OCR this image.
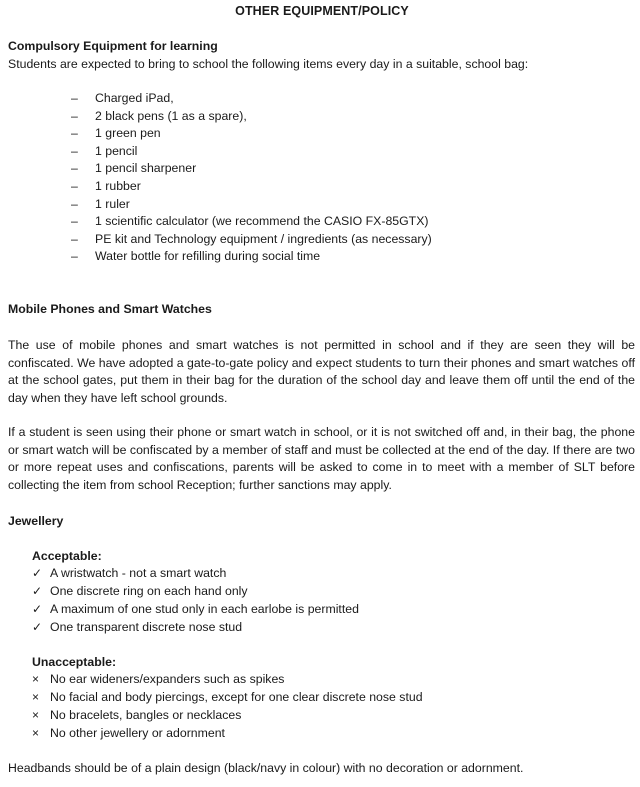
OTHER EQUIPMENT/POLICY
Compulsory Equipment for learning
Students are expected to bring to school the following items every day in a suitable, school bag:
– Charged iPad,
– 2 black pens (1 as a spare),
– 1 green pen
– 1 pencil
– 1 pencil sharpener
– 1 rubber
– 1 ruler
– 1 scientific calculator (we recommend the CASIO FX-85GTX)
– PE kit and Technology equipment / ingredients (as necessary)
– Water bottle for refilling during social time
Mobile Phones and Smart Watches
The use of mobile phones and smart watches is not permitted in school and if they are seen they will be confiscated. We have adopted a gate-to-gate policy and expect students to turn their phones and smart watches off at the school gates, put them in their bag for the duration of the school day and leave them off until the end of the day when they have left school grounds.
If a student is seen using their phone or smart watch in school, or it is not switched off and, in their bag, the phone or smart watch will be confiscated by a member of staff and must be collected at the end of the day. If there are two or more repeat uses and confiscations, parents will be asked to come in to meet with a member of SLT before collecting the item from school Reception; further sanctions may apply.
Jewellery
Acceptable:
✓ A wristwatch - not a smart watch
✓ One discrete ring on each hand only
✓ A maximum of one stud only in each earlobe is permitted
✓ One transparent discrete nose stud
Unacceptable:
× No ear wideners/expanders such as spikes
× No facial and body piercings, except for one clear discrete nose stud
× No bracelets, bangles or necklaces
× No other jewellery or adornment
Headbands should be of a plain design (black/navy in colour) with no decoration or adornment.
